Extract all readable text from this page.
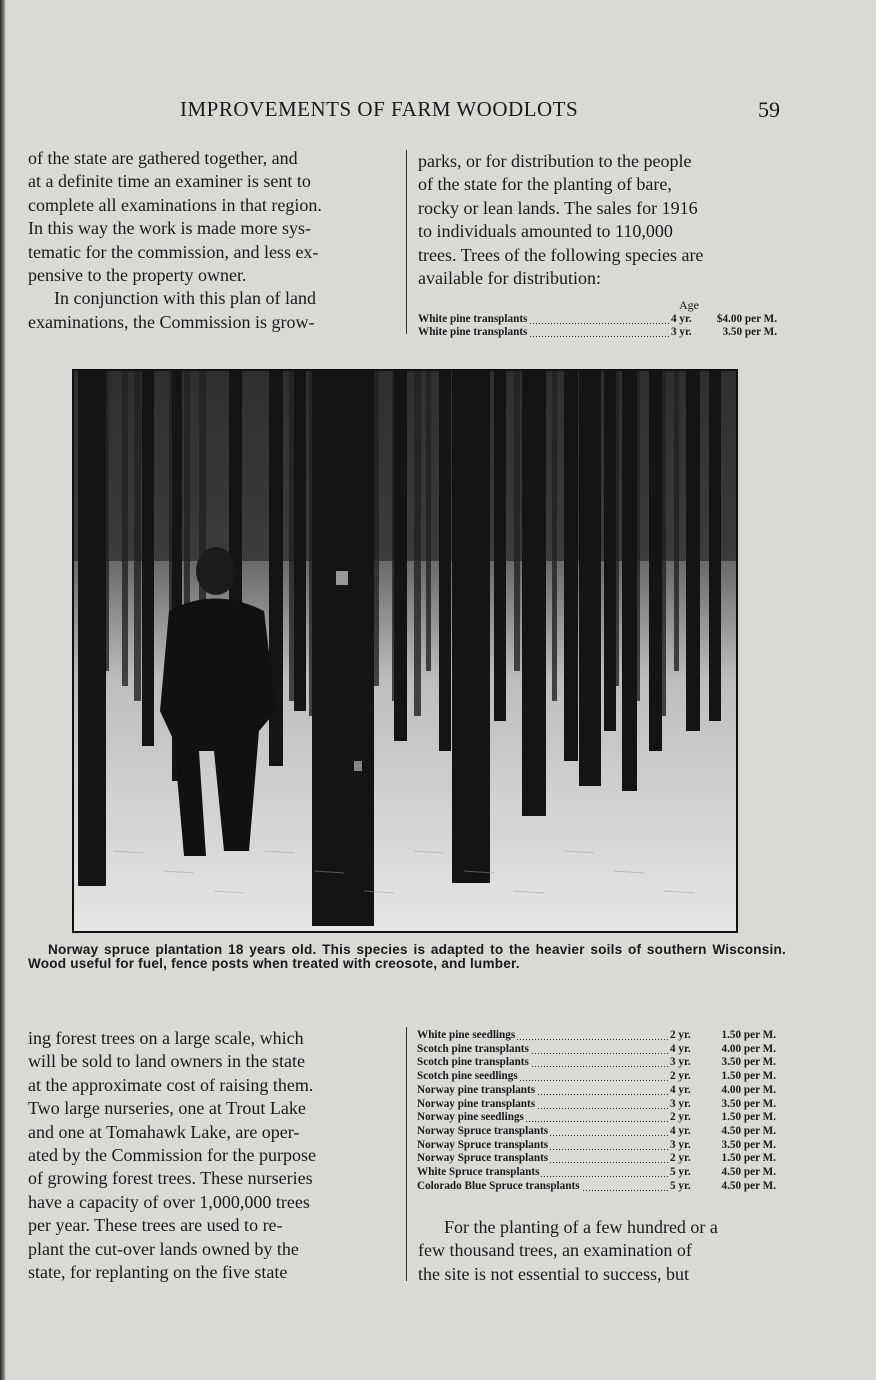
IMPROVEMENTS OF FARM WOODLOTS	59

of the state are gathered together, and
at a definite time an examiner is sent to
complete all examinations in that region.
In this way the work is made more sys-
tematic for the commission, and less ex-
pensive to the property owner.

In conjunction with this plan of land
examinations, the Commission is grow-

parks, or for distribution to the people
of the state for the planting of bare,
rocky or lean lands. The sales for 1916
to individuals amounted to 110,000
trees. Trees of the following species are
available for distribution:

	Age	
White pine transplants	4 yr.	$4.00 per M.
White pine transplants	3 yr.	3.50 per M.
Norway spruce plantation 18 years old. This species is adapted to the heavier soils of southern Wisconsin. Wood useful for fuel, fence posts when treated with creosote, and lumber.

ing forest trees on a large scale, which
will be sold to land owners in the state
at the approximate cost of raising them.
Two large nurseries, one at Trout Lake
and one at Tomahawk Lake, are oper-
ated by the Commission for the purpose
of growing forest trees. These nurseries
have a capacity of over 1,000,000 trees
per year. These trees are used to re-
plant the cut-over lands owned by the
state, for replanting on the five state

White pine seedlings	2 yr.	1.50 per M.
Scotch pine transplants	4 yr.	4.00 per M.
Scotch pine transplants	3 yr.	3.50 per M.
Scotch pine seedlings	2 yr.	1.50 per M.
Norway pine transplants	4 yr.	4.00 per M.
Norway pine transplants	3 yr.	3.50 per M.
Norway pine seedlings	2 yr.	1.50 per M.
Norway Spruce transplants	4 yr.	4.50 per M.
Norway Spruce transplants	3 yr.	3.50 per M.
Norway Spruce transplants	2 yr.	1.50 per M.
White Spruce transplants	5 yr.	4.50 per M.
Colorado Blue Spruce transplants	5 yr.	4.50 per M.

For the planting of a few hundred or a
few thousand trees, an examination of
the site is not essential to success, but
